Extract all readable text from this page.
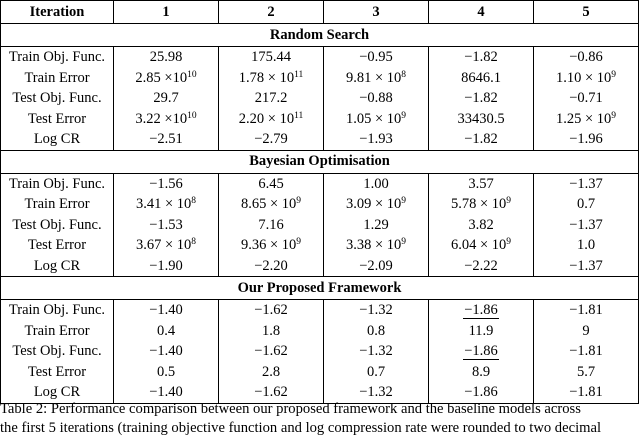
Iteration	1	2	3	4	5
Random Search					
Train Obj. Func.	25.98	175.44	−0.95	−1.82	−0.86
Train Error	$2.85 \times 10^{10}$	$1.78 \times 10^{11}$	$9.81 \times 10^8$	8646.1	$1.10 \times 10^9$
Test Obj. Func.	29.7	217.2	−0.88	−1.82	−0.71
Test Error	$3.22 \times 10^{10}$	$2.20 \times 10^{11}$	$1.05 \times 10^9$	33430.5	$1.25 \times 10^9$
Log CR	−2.51	−2.79	−1.93	−1.82	−1.96
Bayesian Optimisation					
Train Obj. Func.	−1.56	6.45	1.00	3.57	−1.37
Train Error	$3.41 \times 10^8$	$8.65 \times 10^9$	$3.09 \times 10^9$	$5.78 \times 10^9$	0.7
Test Obj. Func.	−1.53	7.16	1.29	3.82	−1.37
Test Error	$3.67 \times 10^8$	$9.36 \times 10^9$	$3.38 \times 10^9$	$6.04 \times 10^9$	1.0
Log CR	−1.90	−2.20	−2.09	−2.22	−1.37
Our Proposed Framework					
Train Obj. Func.	−1.40	−1.62	−1.32	−1.86	−1.81
Train Error	0.4	1.8	0.8	11.9	9
Test Obj. Func.	−1.40	−1.62	−1.32	−1.86	−1.81
Test Error	0.5	2.8	0.7	8.9	5.7
Log CR	−1.40	−1.62	−1.32	−1.86	−1.81
Table 2: Performance comparison between our proposed framework and the baseline models across
the first 5 iterations (training objective function and log compression rate were rounded to two decimal
